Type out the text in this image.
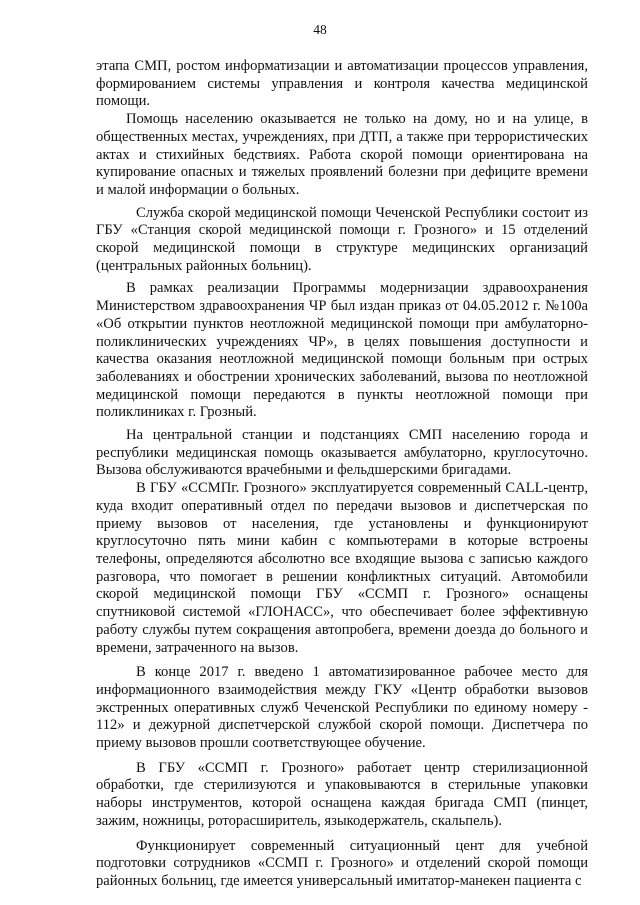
48

этапа СМП, ростом информатизации и автоматизации процессов управления, формированием системы управления и контроля качества медицинской помощи.

Помощь населению оказывается не только на дому, но и на улице, в общественных местах, учреждениях, при ДТП, а также при террористических актах и стихийных бедствиях. Работа скорой помощи ориентирована на купирование опасных и тяжелых проявлений болезни при дефиците времени и малой информации о больных.

Служба скорой медицинской помощи Чеченской Республики состоит из ГБУ «Станция скорой медицинской помощи г. Грозного» и 15 отделений скорой медицинской помощи в структуре медицинских организаций (центральных районных больниц).

В рамках реализации Программы модернизации здравоохранения Министерством здравоохранения ЧР был издан приказ от 04.05.2012 г. №100а «Об открытии пунктов неотложной медицинской помощи при амбулаторно-поликлинических учреждениях ЧР», в целях повышения доступности и качества оказания неотложной медицинской помощи больным при острых заболеваниях и обострении хронических заболеваний, вызова по неотложной медицинской помощи передаются в пункты неотложной помощи при поликлиниках г. Грозный.

На центральной станции и подстанциях СМП населению города и республики медицинская помощь оказывается амбулаторно, круглосуточно. Вызова обслуживаются врачебными и фельдшерскими бригадами.

В ГБУ «ССМПг. Грозного» эксплуатируется современный CALL-центр, куда входит оперативный отдел по передачи вызовов и диспетчерская по приему вызовов от населения, где установлены и функционируют круглосуточно пять мини кабин с компьютерами в которые встроены телефоны, определяются абсолютно все входящие вызова с записью каждого разговора, что помогает в решении конфликтных ситуаций. Автомобили скорой медицинской помощи ГБУ «ССМП г. Грозного» оснащены спутниковой системой «ГЛОНАСС», что обеспечивает более эффективную работу службы путем сокращения автопробега, времени доезда до больного и времени, затраченного на вызов.

В конце 2017 г. введено 1 автоматизированное рабочее место для информационного взаимодействия между ГКУ «Центр обработки вызовов экстренных оперативных служб Чеченской Республики по единому номеру - 112» и дежурной диспетчерской службой скорой помощи. Диспетчера по приему вызовов прошли соответствующее обучение.

В ГБУ «ССМП г. Грозного» работает центр стерилизационной обработки, где стерилизуются и упаковываются в стерильные упаковки наборы инструментов, которой оснащена каждая бригада СМП (пинцет, зажим, ножницы, роторасширитель, языкодержатель, скальпель).

Функционирует современный ситуационный цент для учебной подготовки сотрудников «ССМП г. Грозного» и отделений скорой помощи районных больниц, где имеется универсальный имитатор-манекен пациента с
